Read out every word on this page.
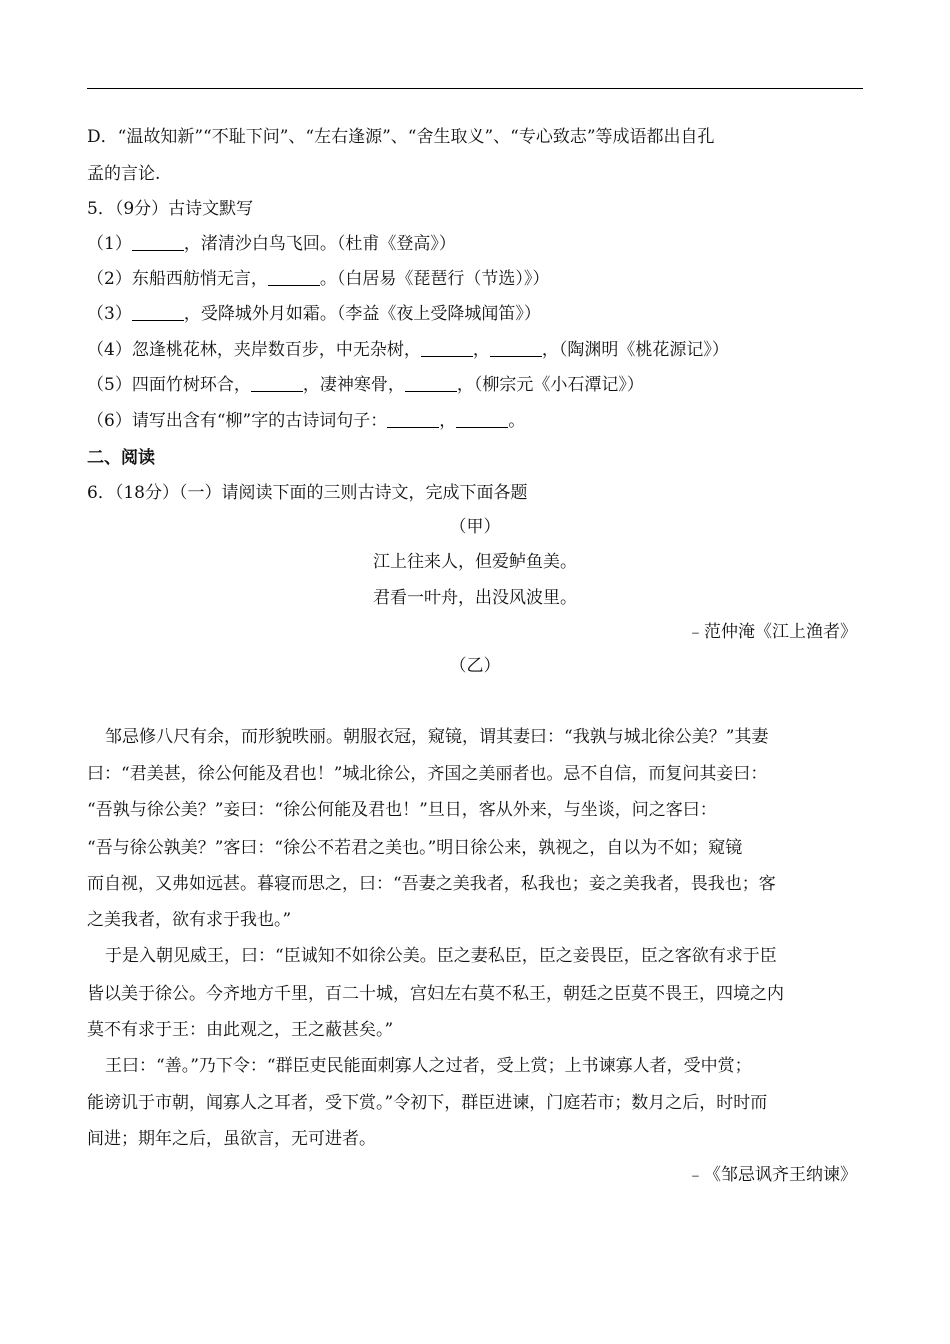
D．“温故知新”“不耻下问”、“左右逢源”、“舍生取义”、“专心致志”等成语都出自孔
孟的言论.
5．（9分）古诗文默写
（1）	，渚清沙白鸟飞回。（杜甫《登高》）
（2）东船西舫悄无言，	。（白居易《琵琶行（节选）》）
（3）	，受降城外月如霜。（李益《夜上受降城闻笛》）
（4）忽逢桃花林，夹岸数百步，中无杂树，	，	，（陶渊明《桃花源记》）
（5）四面竹树环合，	，凄神寒骨，	，（柳宗元《小石潭记》）
（6）请写出含有“柳”字的古诗词句子：	，	。
二、阅读
6．（18分）（一）请阅读下面的三则古诗文，完成下面各题
（甲）
江上往来人，但爱鲈鱼美。
君看一叶舟，出没风波里。
﹣范仲淹《江上渔者》
（乙）
邹忌修八尺有余，而形貌昳丽。朝服衣冠，窥镜，谓其妻曰：“我孰与城北徐公美？”其妻
曰：“君美甚，徐公何能及君也！”城北徐公，齐国之美丽者也。忌不自信，而复问其妾曰：
“吾孰与徐公美？”妾曰：“徐公何能及君也！”旦日，客从外来，与坐谈，问之客曰：
“吾与徐公孰美？”客曰：“徐公不若君之美也。”明日徐公来，孰视之，自以为不如；窥镜
而自视，又弗如远甚。暮寝而思之，曰：“吾妻之美我者，私我也；妾之美我者，畏我也；客
之美我者，欲有求于我也。”
于是入朝见威王，曰：“臣诚知不如徐公美。臣之妻私臣，臣之妾畏臣，臣之客欲有求于臣
皆以美于徐公。今齐地方千里，百二十城，宫妇左右莫不私王，朝廷之臣莫不畏王，四境之内
莫不有求于王：由此观之，王之蔽甚矣。”
王曰：“善。”乃下令：“群臣吏民能面刺寡人之过者，受上赏；上书谏寡人者，受中赏；
能谤讥于市朝，闻寡人之耳者，受下赏。”令初下，群臣进谏，门庭若市；数月之后，时时而
间进；期年之后，虽欲言，无可进者。
﹣《邹忌讽齐王纳谏》
